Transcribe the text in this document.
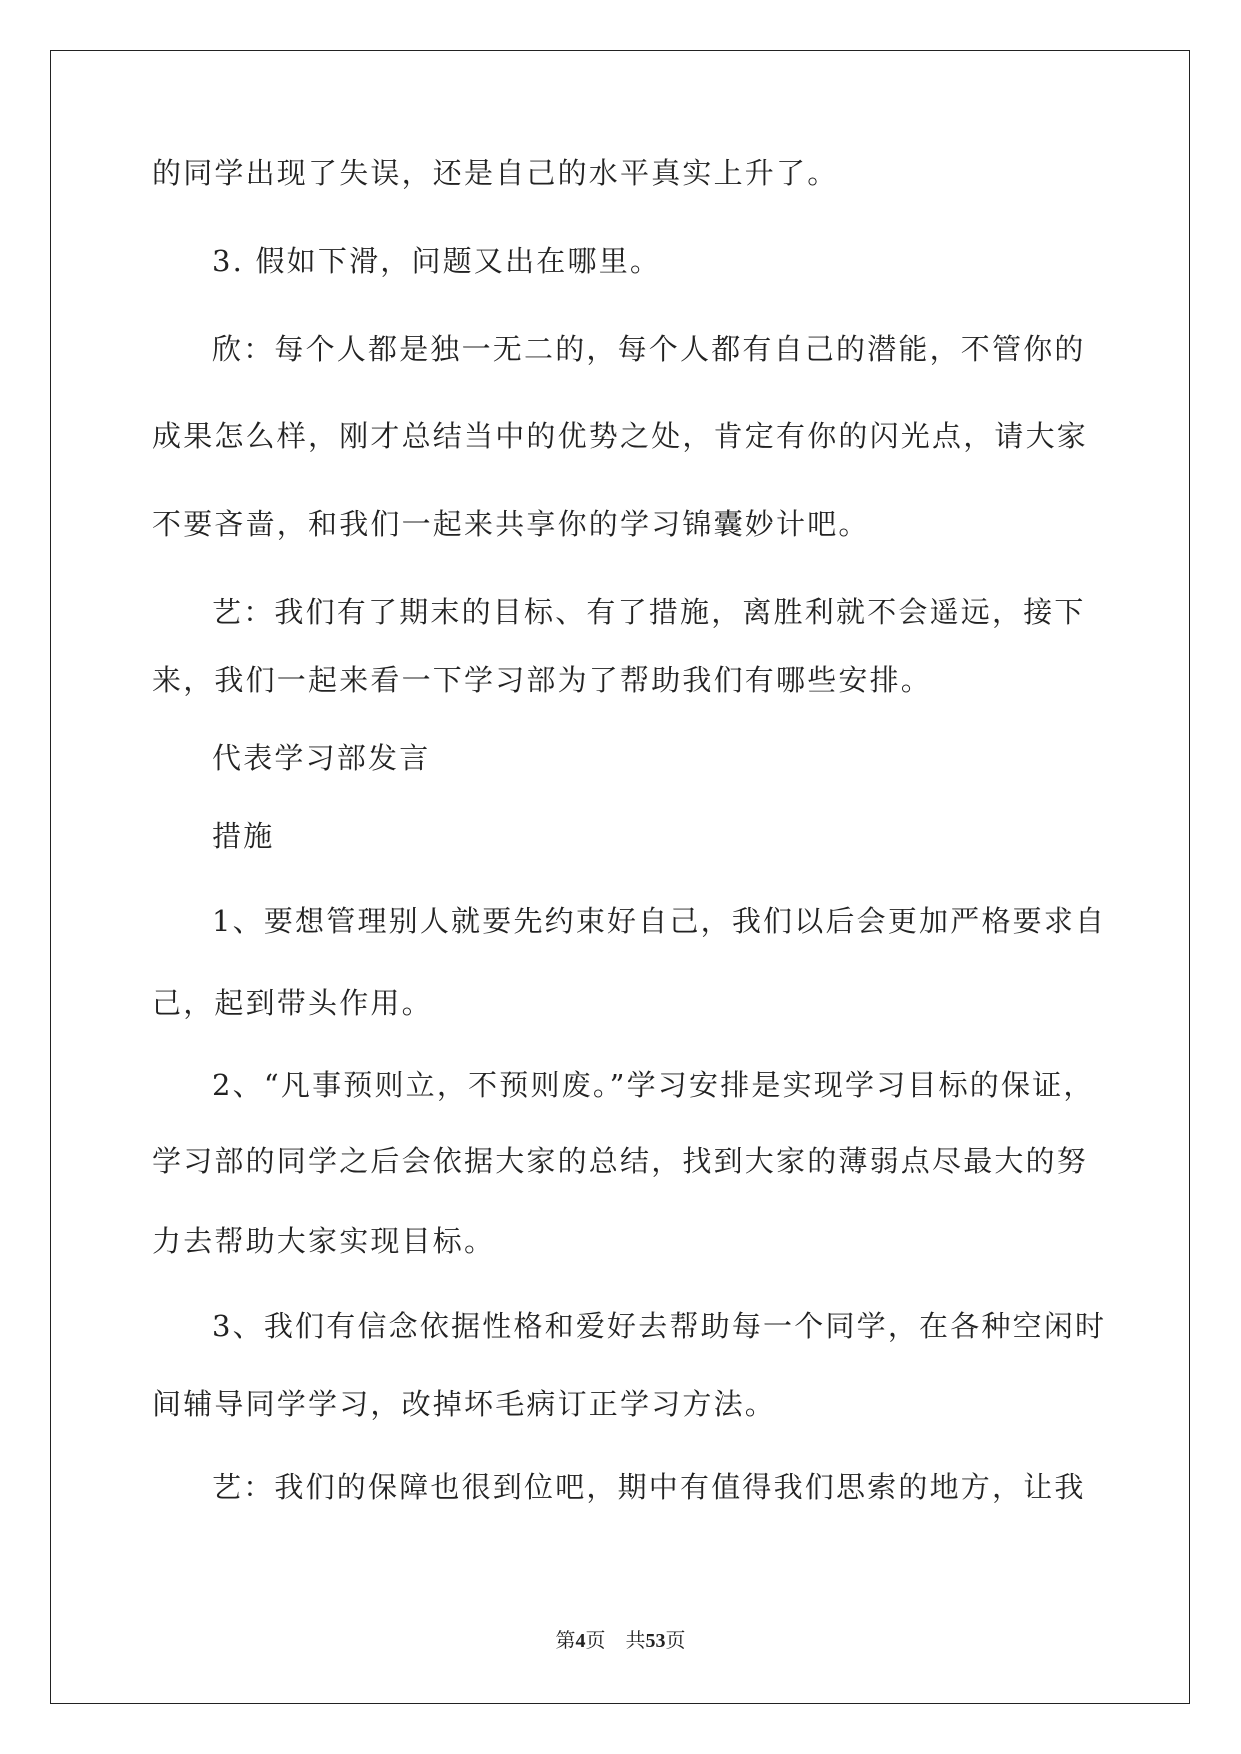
的同学出现了失误，还是自己的水平真实上升了。
3. 假如下滑，问题又出在哪里。
欣：每个人都是独一无二的，每个人都有自己的潜能，不管你的
成果怎么样，刚才总结当中的优势之处，肯定有你的闪光点，请大家
不要吝啬，和我们一起来共享你的学习锦囊妙计吧。
艺：我们有了期末的目标、有了措施，离胜利就不会遥远，接下
来，我们一起来看一下学习部为了帮助我们有哪些安排。
代表学习部发言
措施
1、要想管理别人就要先约束好自己，我们以后会更加严格要求自
己，起到带头作用。
2、“凡事预则立，不预则废。”学习安排是实现学习目标的保证，
学习部的同学之后会依据大家的总结，找到大家的薄弱点尽最大的努
力去帮助大家实现目标。
3、我们有信念依据性格和爱好去帮助每一个同学，在各种空闲时
间辅导同学学习，改掉坏毛病订正学习方法。
艺：我们的保障也很到位吧，期中有值得我们思索的地方，让我
第4页　共53页
